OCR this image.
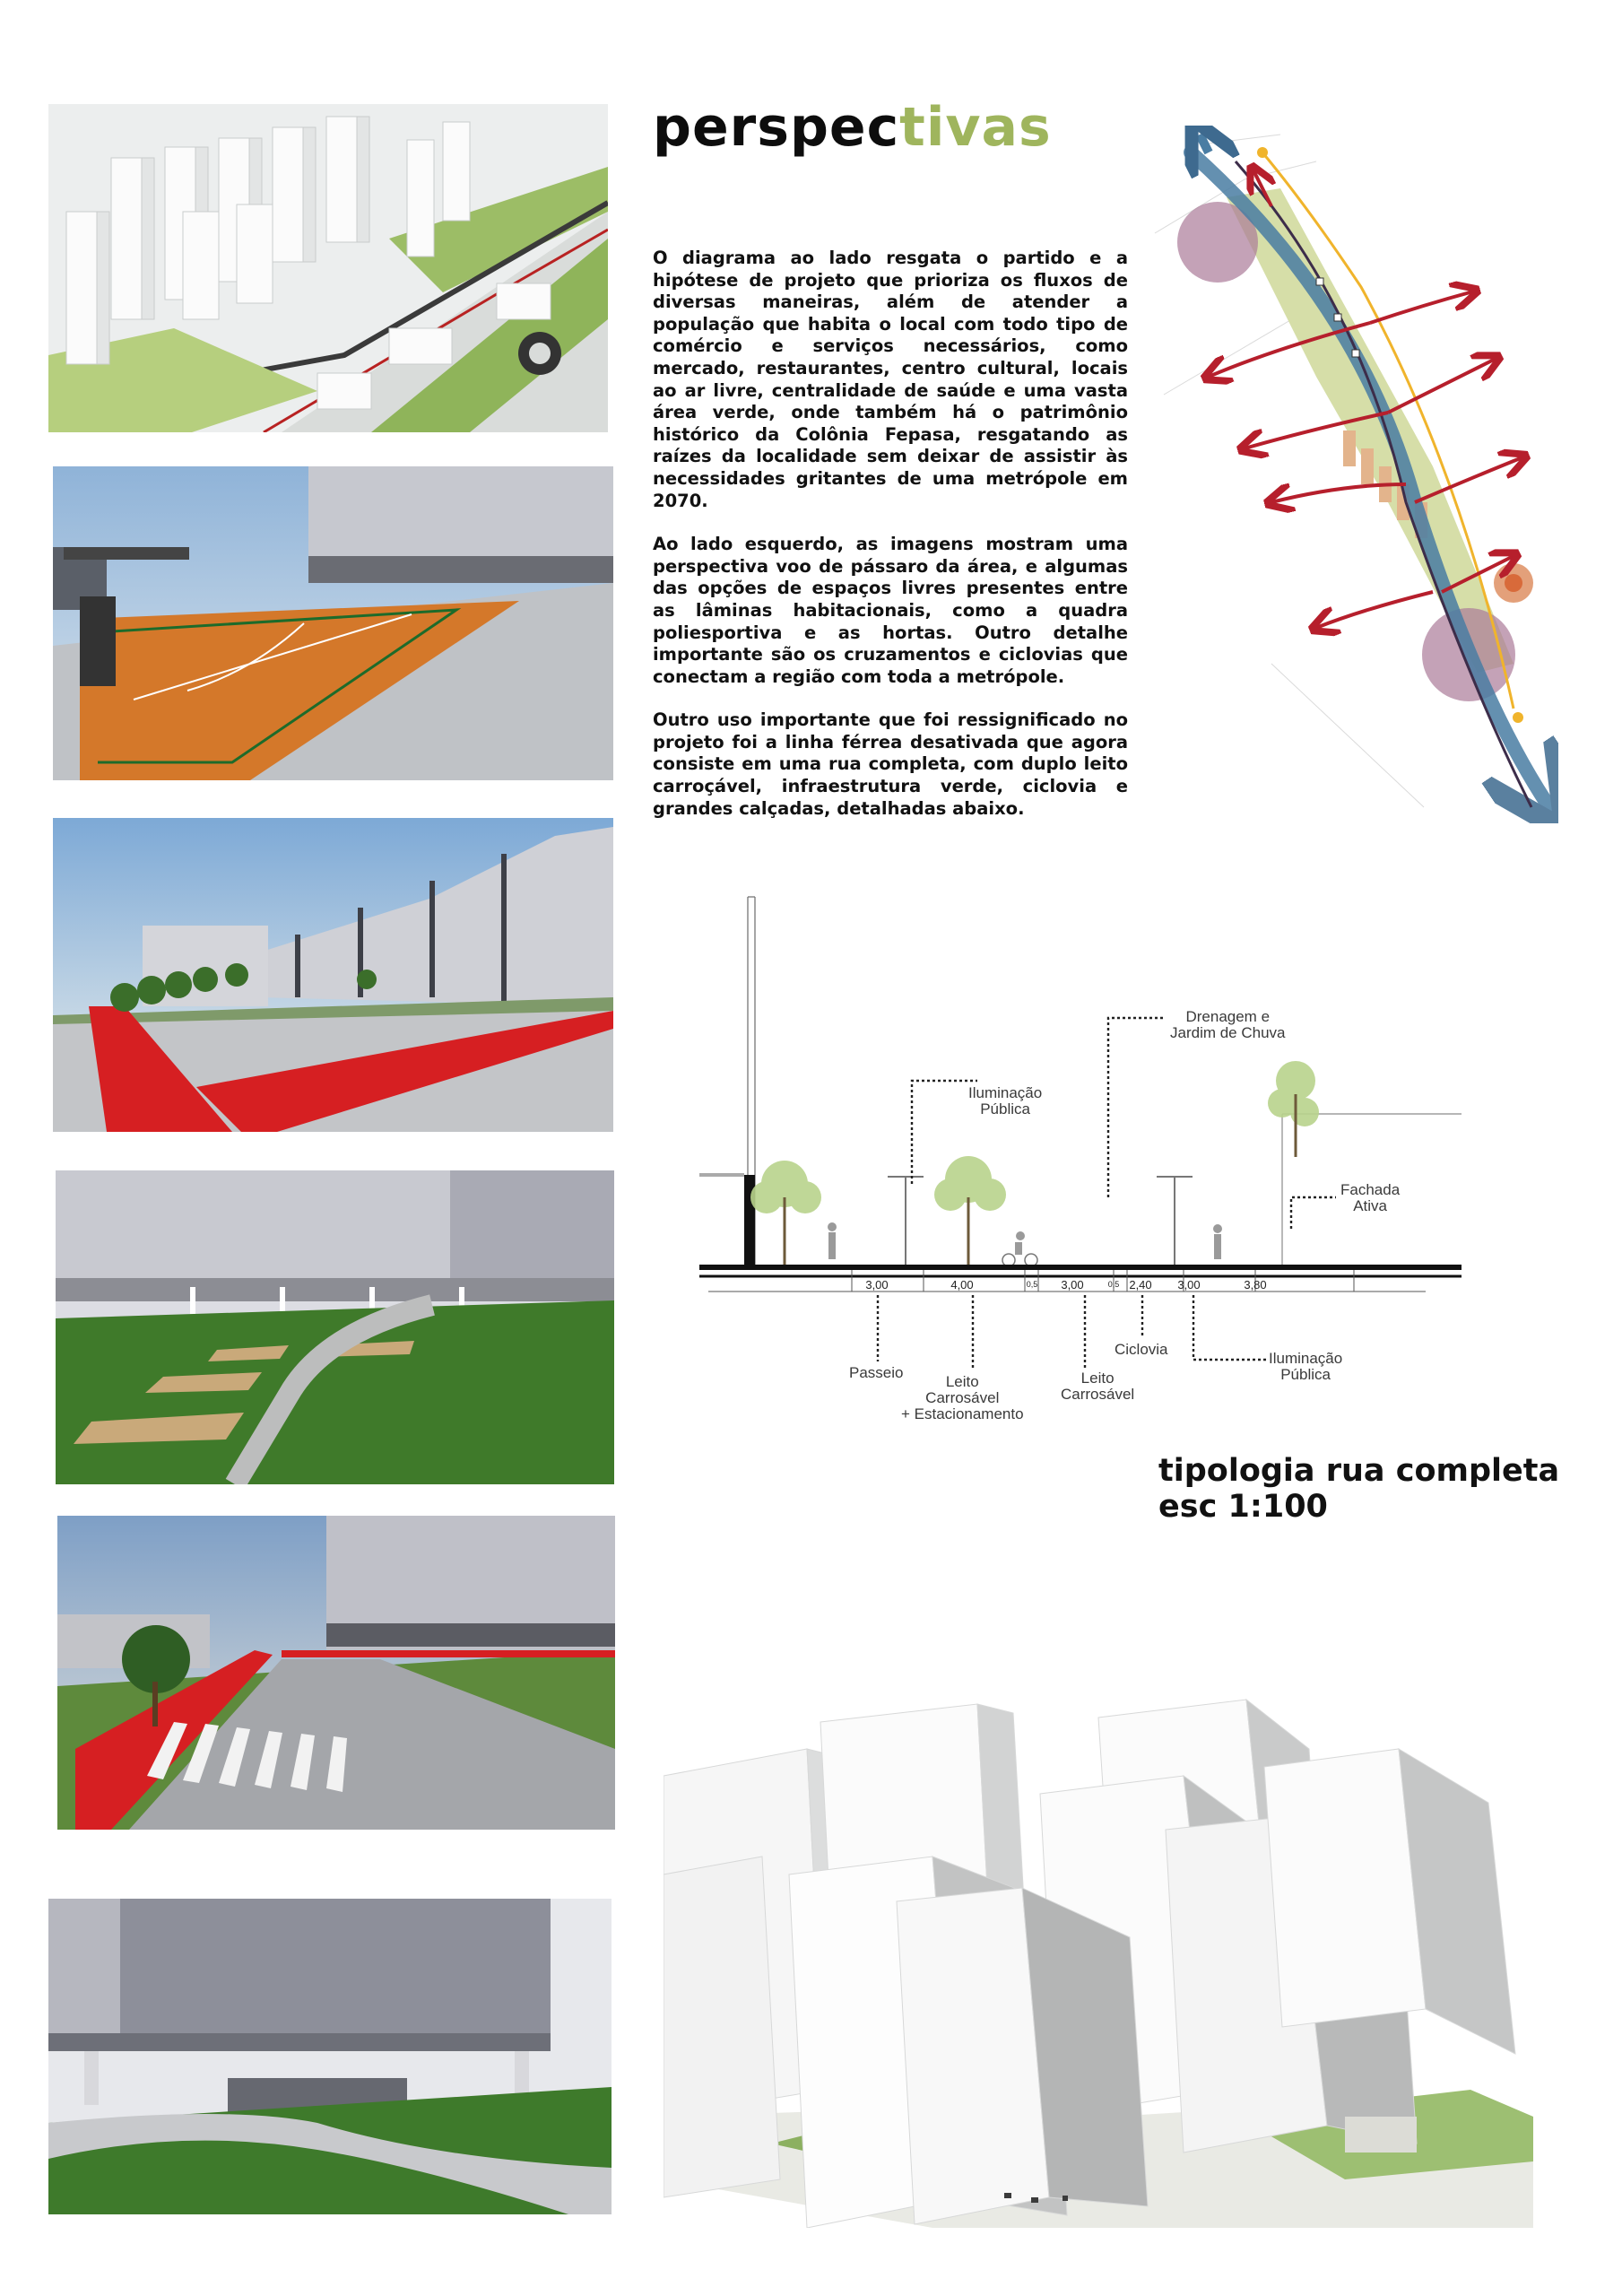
perspectivas

O diagrama ao lado resgata o partido e a hipótese de projeto que prioriza os fluxos de diversas maneiras, além de atender a população que habita o local com todo tipo de comércio e serviços necessários, como mercado, restaurantes, centro cultural, locais ao ar livre, centralidade de saúde e uma vasta área verde, onde também há o patrimônio histórico da Colônia Fepasa, resgatando as raízes da localidade sem deixar de assistir às necessidades gritantes de uma metrópole em 2070.

Ao lado esquerdo, as imagens mostram uma perspectiva voo de pássaro da área, e algumas das opções de espaços livres presentes entre as lâminas habitacionais, como a quadra poliesportiva e as hortas. Outro detalhe importante são os cruzamentos e ciclovias que conectam a região com toda a metrópole.

Outro uso importante que foi ressignificado no projeto foi a linha férrea desativada que agora consiste em uma rua completa, com duplo leito carroçável, infraestrutura verde, ciclovia e grandes calçadas, detalhadas abaixo.

Iluminação
Pública
Drenagem e
Jardim de Chuva
Fachada
Ativa
3,00	4,00	0,5 3,00	0,5 2,40 3,00	3,80
Passeio
Leito
Carrosável
+ Estacionamento
Leito
Carrosável
Ciclovia
Iluminação
Pública
tipologia rua completa
esc 1:100
